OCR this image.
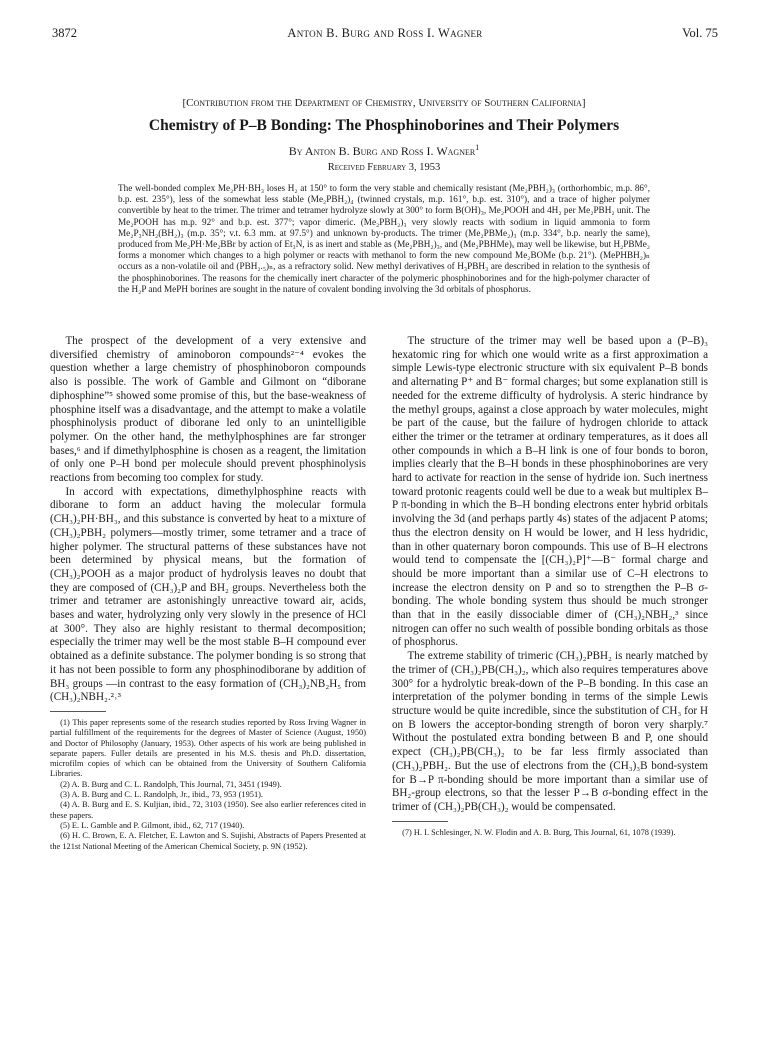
3872	Anton B. Burg and Ross I. Wagner	Vol. 75
[Contribution from the Department of Chemistry, University of Southern California]
Chemistry of P–B Bonding: The Phosphinoborines and Their Polymers
By Anton B. Burg and Ross I. Wagner$^1$
Received February 3, 1953

The well-bonded complex Me₂PH·BH₃ loses H₂ at 150° to form the very stable and chemically resistant (Me₂PBH₂)₃ (orthorhombic, m.p. 86°, b.p. est. 235°), less of the somewhat less stable (Me₂PBH₂)₄ (twinned crystals, m.p. 161°, b.p. est. 310°), and a trace of higher polymer convertible by heat to the trimer. The trimer and tetramer hydrolyze slowly at 300° to form B(OH)₃, Me₂POOH and 4H₂ per Me₂PBH₂ unit. The Me₂POOH has m.p. 92° and b.p. est. 377°; vapor dimeric. (Me₂PBH₂)₃ very slowly reacts with sodium in liquid ammonia to form Me₂P₃NH₂(BH₂)₃ (m.p. 35°; v.t. 6.3 mm. at 97.5°) and unknown by-products. The trimer (Me₂PBMe₂)₃ (m.p. 334°, b.p. nearly the same), produced from Me₂PH·Me₂BBr by action of Et₃N, is as inert and stable as (Me₂PBH₂)₃, and (Me₂PBHMe)ₓ may well be likewise, but H₂PBMe₂ forms a monomer which changes to a high polymer or reacts with methanol to form the new compound Me₂BOMe (b.p. 21°). (MePHBH₂)ₙ occurs as a non-volatile oil and (PBH₂.₅)ₙ, as a refractory solid. New methyl derivatives of H₃PBH₃ are described in relation to the synthesis of the phosphinoborines. The reasons for the chemically inert character of the polymeric phosphinoborines and for the high-polymer character of the H₂P and MePH borines are sought in the nature of covalent bonding involving the 3d orbitals of phosphorus.

The prospect of the development of a very extensive and diversified chemistry of aminoboron compounds²⁻⁴ evokes the question whether a large chemistry of phosphinoboron compounds also is possible. The work of Gamble and Gilmont on “diborane diphosphine”⁵ showed some promise of this, but the base-weakness of phosphine itself was a disadvantage, and the attempt to make a volatile phosphinolysis product of diborane led only to an unintelligible polymer. On the other hand, the methylphosphines are far stronger bases,⁶ and if dimethylphosphine is chosen as a reagent, the limitation of only one P–H bond per molecule should prevent phosphinolysis reactions from becoming too complex for study.

In accord with expectations, dimethylphosphine reacts with diborane to form an adduct having the molecular formula (CH₃)₂PH·BH₃, and this substance is converted by heat to a mixture of (CH₃)₂PBH₂ polymers—mostly trimer, some tetramer and a trace of higher polymer. The structural patterns of these substances have not been determined by physical means, but the formation of (CH₃)₂POOH as a major product of hydrolysis leaves no doubt that they are composed of (CH₃)₂P and BH₂ groups. Nevertheless both the trimer and tetramer are astonishingly unreactive toward air, acids, bases and water, hydrolyzing only very slowly in the presence of HCl at 300°. They also are highly resistant to thermal decomposition; especially the trimer may well be the most stable B–H compound ever obtained as a definite substance. The polymer bonding is so strong that it has not been possible to form any phosphinodiborane by addition of BH₃ groups —in contrast to the easy formation of (CH₃)₂NB₂H₅ from (CH₃)₂NBH₂.²˒³

(1) This paper represents some of the research studies reported by Ross Irving Wagner in partial fulfillment of the requirements for the degrees of Master of Science (August, 1950) and Doctor of Philosophy (January, 1953). Other aspects of his work are being published in separate papers. Fuller details are presented in his M.S. thesis and Ph.D. dissertation, microfilm copies of which can be obtained from the University of Southern California Libraries.
(2) A. B. Burg and C. L. Randolph, This Journal, 71, 3451 (1949).
(3) A. B. Burg and C. L. Randolph, Jr., ibid., 73, 953 (1951).
(4) A. B. Burg and E. S. Kuljian, ibid., 72, 3103 (1950). See also earlier references cited in these papers.
(5) E. L. Gamble and P. Gilmont, ibid., 62, 717 (1940).
(6) H. C. Brown, E. A. Fletcher, E. Lawton and S. Sujishi, Abstracts of Papers Presented at the 121st National Meeting of the American Chemical Society, p. 9N (1952).

The structure of the trimer may well be based upon a (P–B)₃ hexatomic ring for which one would write as a first approximation a simple Lewis-type electronic structure with six equivalent P–B bonds and alternating P⁺ and B⁻ formal charges; but some explanation still is needed for the extreme difficulty of hydrolysis. A steric hindrance by the methyl groups, against a close approach by water molecules, might be part of the cause, but the failure of hydrogen chloride to attack either the trimer or the tetramer at ordinary temperatures, as it does all other compounds in which a B–H link is one of four bonds to boron, implies clearly that the B–H bonds in these phosphinoborines are very hard to activate for reaction in the sense of hydride ion. Such inertness toward protonic reagents could well be due to a weak but multiplex B–P π-bonding in which the B–H bonding electrons enter hybrid orbitals involving the 3d (and perhaps partly 4s) states of the adjacent P atoms; thus the electron density on H would be lower, and H less hydridic, than in other quaternary boron compounds. This use of B–H electrons would tend to compensate the [(CH₃)₂P]⁺—B⁻ formal charge and should be more important than a similar use of C–H electrons to increase the electron density on P and so to strengthen the P–B σ-bonding. The whole bonding system thus should be much stronger than that in the easily dissociable dimer of (CH₃)₂NBH₂,³ since nitrogen can offer no such wealth of possible bonding orbitals as those of phosphorus.

The extreme stability of trimeric (CH₃)₂PBH₂ is nearly matched by the trimer of (CH₃)₂PB(CH₃)₂, which also requires temperatures above 300° for a hydrolytic break-down of the P–B bonding. In this case an interpretation of the polymer bonding in terms of the simple Lewis structure would be quite incredible, since the substitution of CH₃ for H on B lowers the acceptor-bonding strength of boron very sharply.⁷ Without the postulated extra bonding between B and P, one should expect (CH₃)₂PB(CH₃)₂ to be far less firmly associated than (CH₃)₂PBH₂. But the use of electrons from the (CH₃)₃B bond-system for B→P π-bonding should be more important than a similar use of BH₂-group electrons, so that the lesser P→B σ-bonding effect in the trimer of (CH₃)₂PB(CH₃)₂ would be compensated.

(7) H. I. Schlesinger, N. W. Flodin and A. B. Burg, This Journal, 61, 1078 (1939).
